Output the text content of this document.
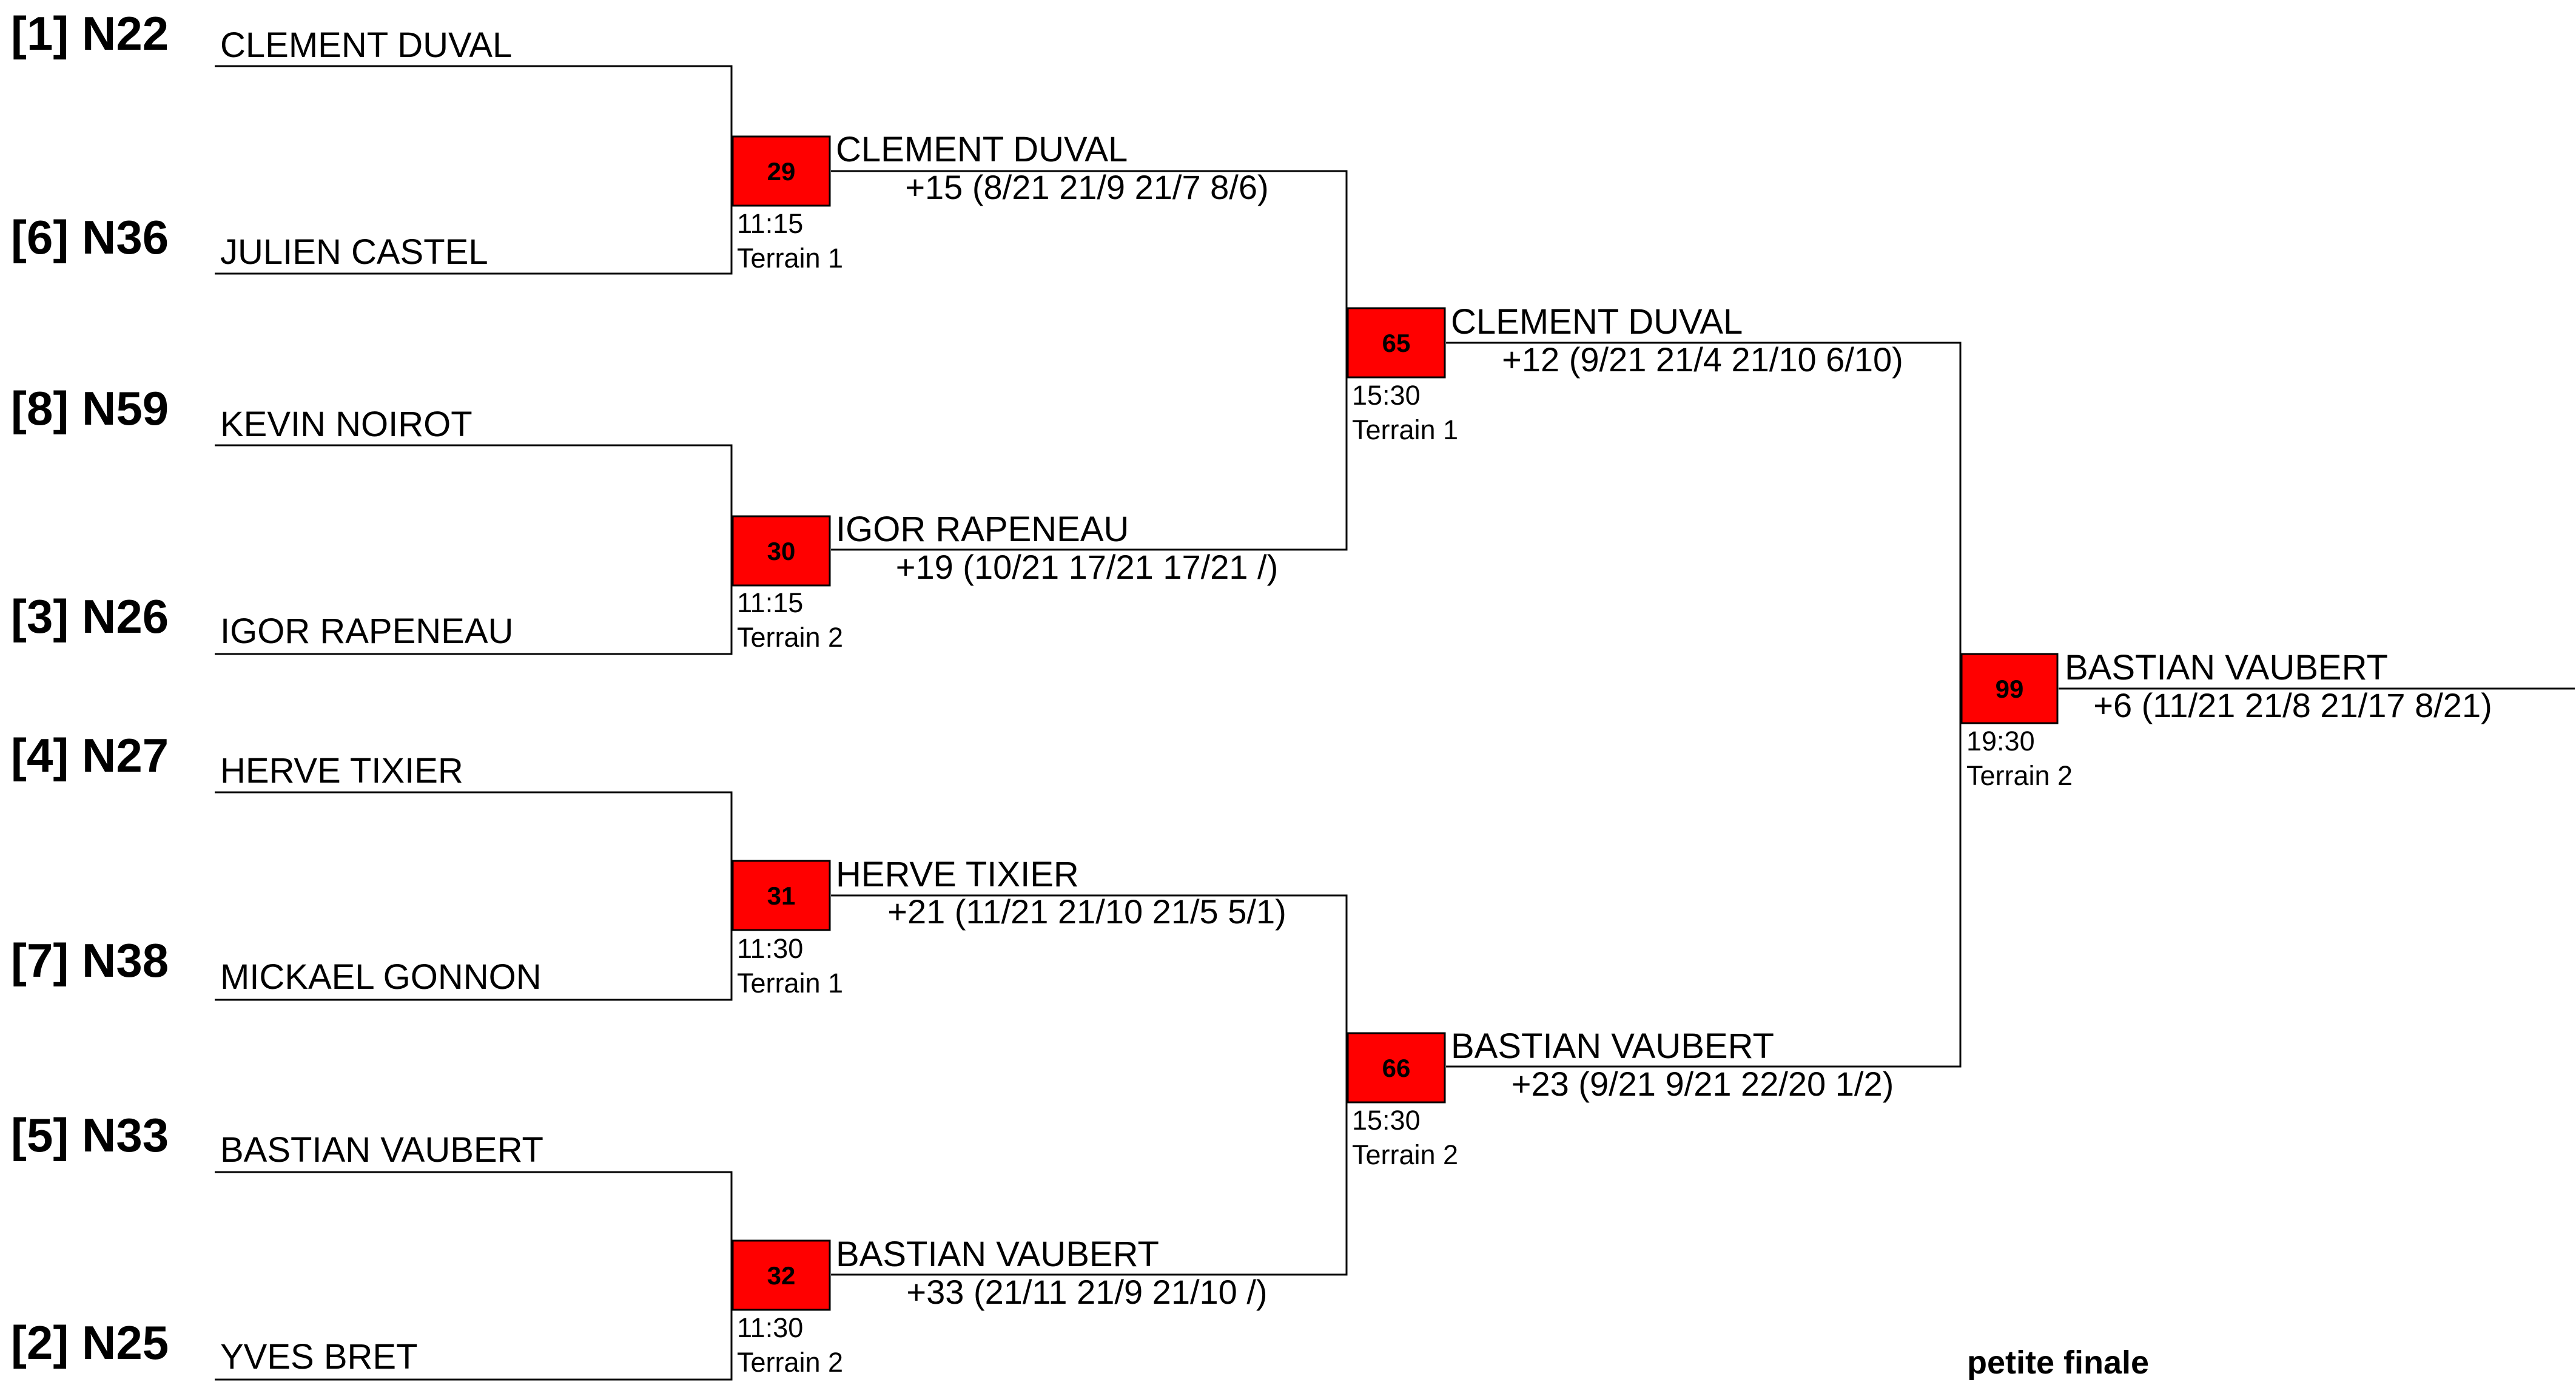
[1] N22 CLEMENT DUVAL
[6] N36 JULIEN CASTEL
[8] N59 KEVIN NOIROT
[3] N26 IGOR RAPENEAU
[4] N27 HERVE TIXIER
[7] N38 MICKAEL GONNON
[5] N33 BASTIAN VAUBERT
[2] N25 YVES BRET
29
11:15
Terrain 1
CLEMENT DUVAL
+15 (8/21 21/9 21/7 8/6)
30
11:15
Terrain 2
IGOR RAPENEAU
+19 (10/21 17/21 17/21 /)
31
11:30
Terrain 1
HERVE TIXIER
+21 (11/21 21/10 21/5 5/1)
32
11:30
Terrain 2
BASTIAN VAUBERT
+33 (21/11 21/9 21/10 /)
65
15:30
Terrain 1
CLEMENT DUVAL
+12 (9/21 21/4 21/10 6/10)
66
15:30
Terrain 2
BASTIAN VAUBERT
+23 (9/21 9/21 22/20 1/2)
99
19:30
Terrain 2
BASTIAN VAUBERT
+6 (11/21 21/8 21/17 8/21)
petite finale
